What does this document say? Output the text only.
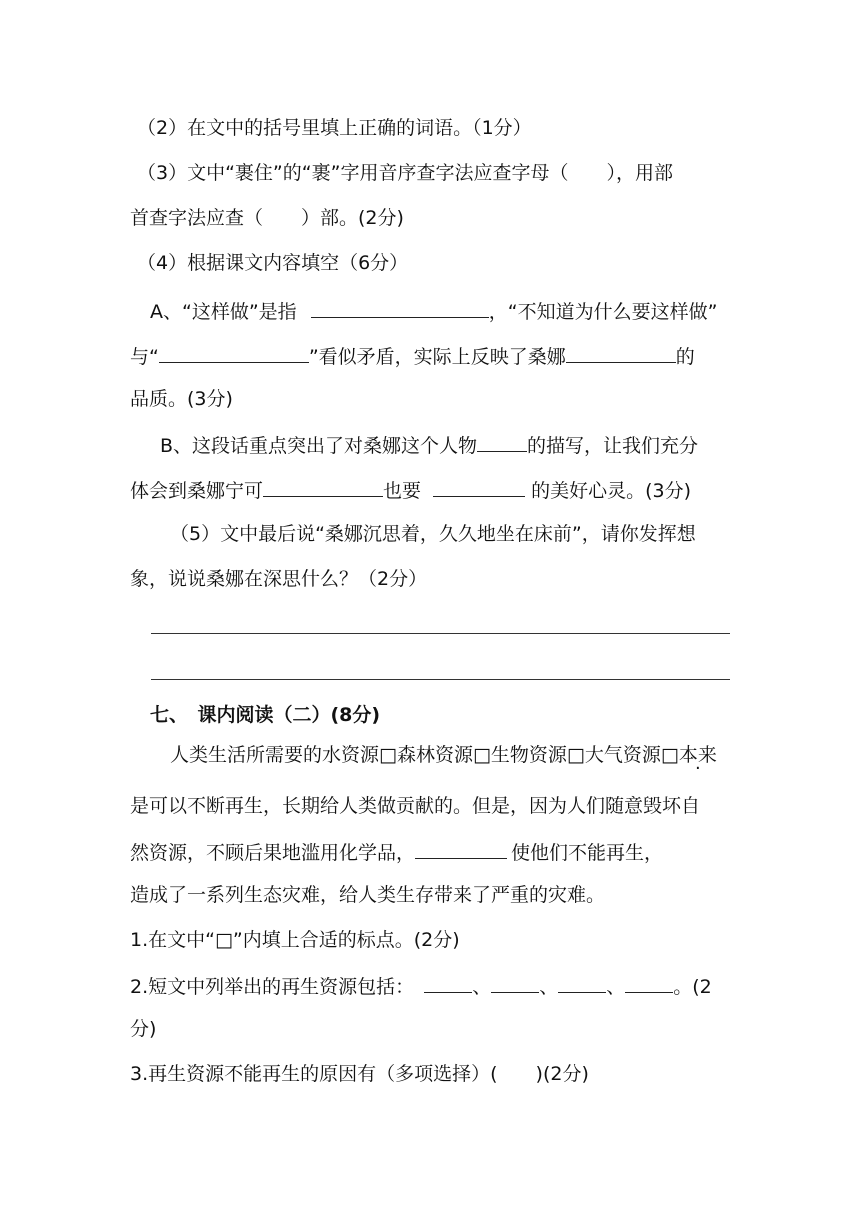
（2）在文中的括号里填上正确的词语。（1分）
（3）文中“裹住”的“裹”字用音序查字法应查字母（　　），用部
首查字法应查（　　）部。(2分)
（4）根据课文内容填空（6分）
A、“这样做”是指	，“不知道为什么要这样做”
与“	”看似矛盾，实际上反映了桑娜	的
品质。(3分)
B、这段话重点突出了对桑娜这个人物	的描写，让我们充分
体会到桑娜宁可	也要	的美好心灵。(3分)
（5）文中最后说“桑娜沉思着，久久地坐在床前”，请你发挥想
象，说说桑娜在深思什么？（2分）
七、　课内阅读（二）(8分)
人类生活所需要的水资源□森林资源□生物资源□大气资源□本来
是可以不断再生，长期给人类做贡献的。但是，因为人们随意毁坏自
然资源，不顾后果地滥用化学品，	使他们不能再生，
造成了一系列生态灾难，给人类生存带来了严重的灾难。
1.在文中“□”内填上合适的标点。(2分)
2.短文中列举出的再生资源包括：	、	、	、	。(2
分)
3.再生资源不能再生的原因有（多项选择）(　　)(2分)
